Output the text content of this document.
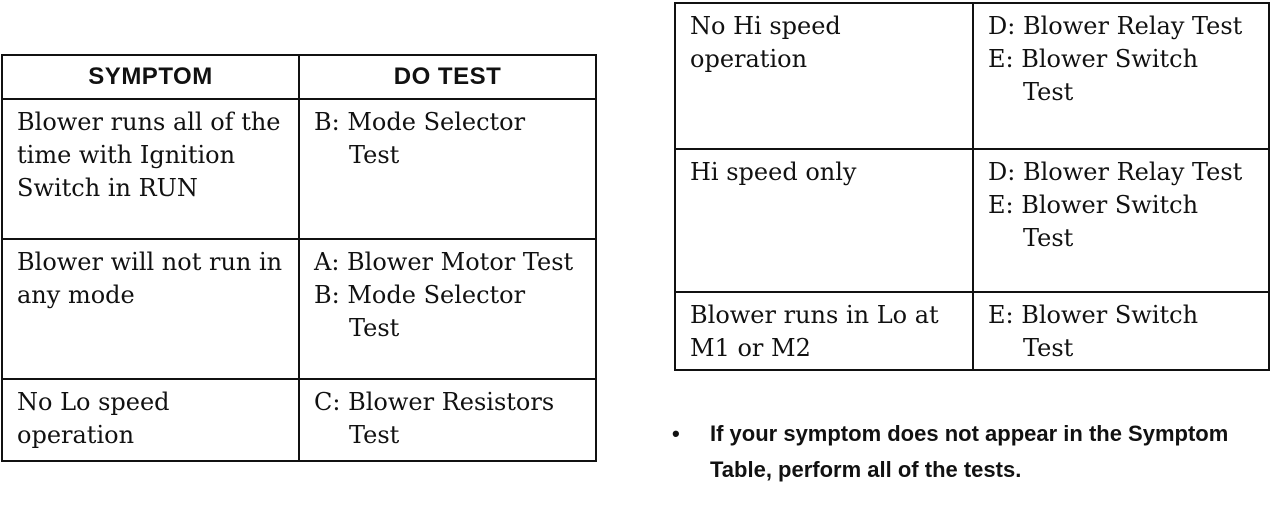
SYMPTOM	DO TEST

Blower runs all of the time with Ignition Switch in RUN	B: Mode Selector Test

Blower will not run in any mode	A: Blower Motor Test
B: Mode Selector Test

No Lo speed operation	C: Blower Resistors Test
No Hi speed operation	D: Blower Relay Test
E: Blower Switch Test

Hi speed only	D: Blower Relay Test
E: Blower Switch Test

Blower runs in Lo at M1 or M2	E: Blower Switch Test
•	If your symptom does not appear in the Symptom Table, perform all of the tests.
